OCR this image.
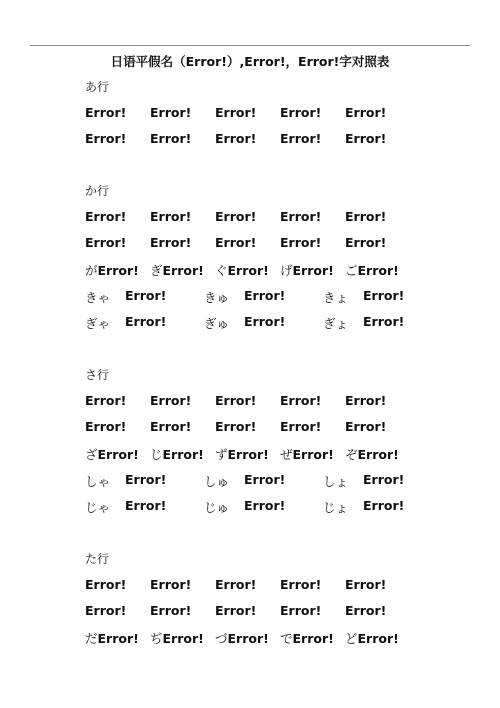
日语平假名（Error!）,Error!，Error!字对照表
あ行
Error! Error! Error! Error! Error!
Error! Error! Error! Error! Error!
か行
Error! Error! Error! Error! Error!
Error! Error! Error! Error! Error!
がError! ぎError! ぐError! げError! ごError!
きゃ Error!	きゅ Error!	きょ Error!
ぎゃ Error!	ぎゅ Error!	ぎょ Error!
さ行
Error! Error! Error! Error! Error!
Error! Error! Error! Error! Error!
ざError! じError! ずError! ぜError! ぞError!
しゃ Error!	しゅ Error!	しょ Error!
じゃ Error!	じゅ Error!	じょ Error!
た行
Error! Error! Error! Error! Error!
Error! Error! Error! Error! Error!
だError! ぢError! づError! でError! どError!
